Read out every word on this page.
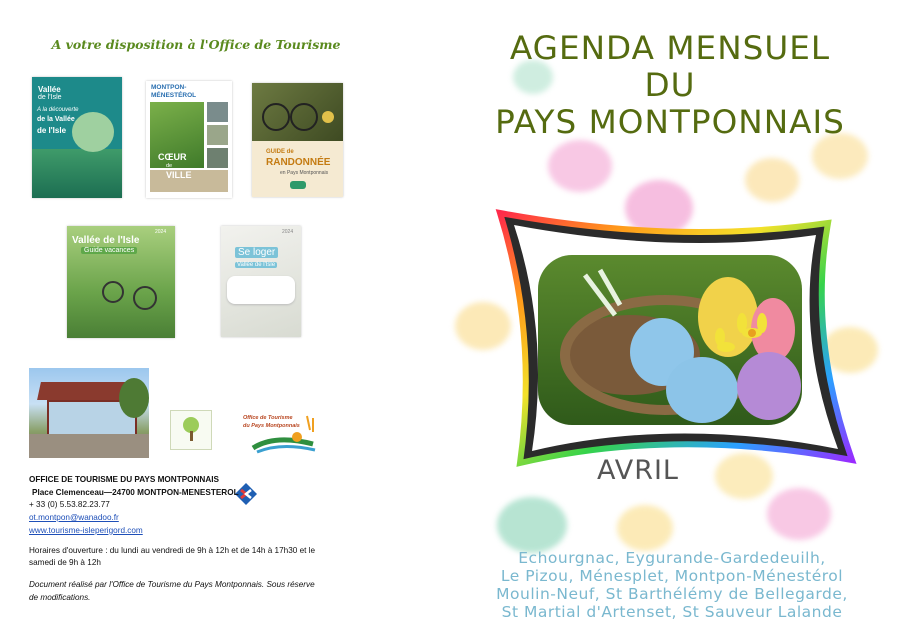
A votre disposition à l'Office de Tourisme
Vallée
de l'Isle
A la découverte
de la Vallée
de l'Isle
MONTPON-
MÉNESTÉROL
CŒUR
de
VILLE
GUIDE de
RANDONNÉE
en Pays Montponnais
Vallée de l'Isle
Guide vacances
2024
Se loger
Vallée de l'Isle
2024
Office de Tourisme
du Pays Montponnais
OFFICE DE TOURISME DU PAYS MONTPONNAIS
Place Clemenceau—24700 MONTPON-MENESTEROL
+ 33 (0) 5.53.82.23.77
ot.montpon@wanadoo.fr
www.tourisme-isleperigord.com
Horaires d'ouverture : du lundi au vendredi de 9h à 12h et de 14h à 17h30 et le samedi de 9h à 12h
Document réalisé par l'Office de Tourisme du Pays Montponnais. Sous réserve de modifications.
AGENDA MENSUEL
DU
PAYS MONTPONNAIS
AVRIL
Echourgnac, Eygurande-Gardedeuilh,
Le Pizou, Ménesplet, Montpon-Ménestérol
Moulin-Neuf, St Barthélémy de Bellegarde,
St Martial d'Artenset, St Sauveur Lalande
